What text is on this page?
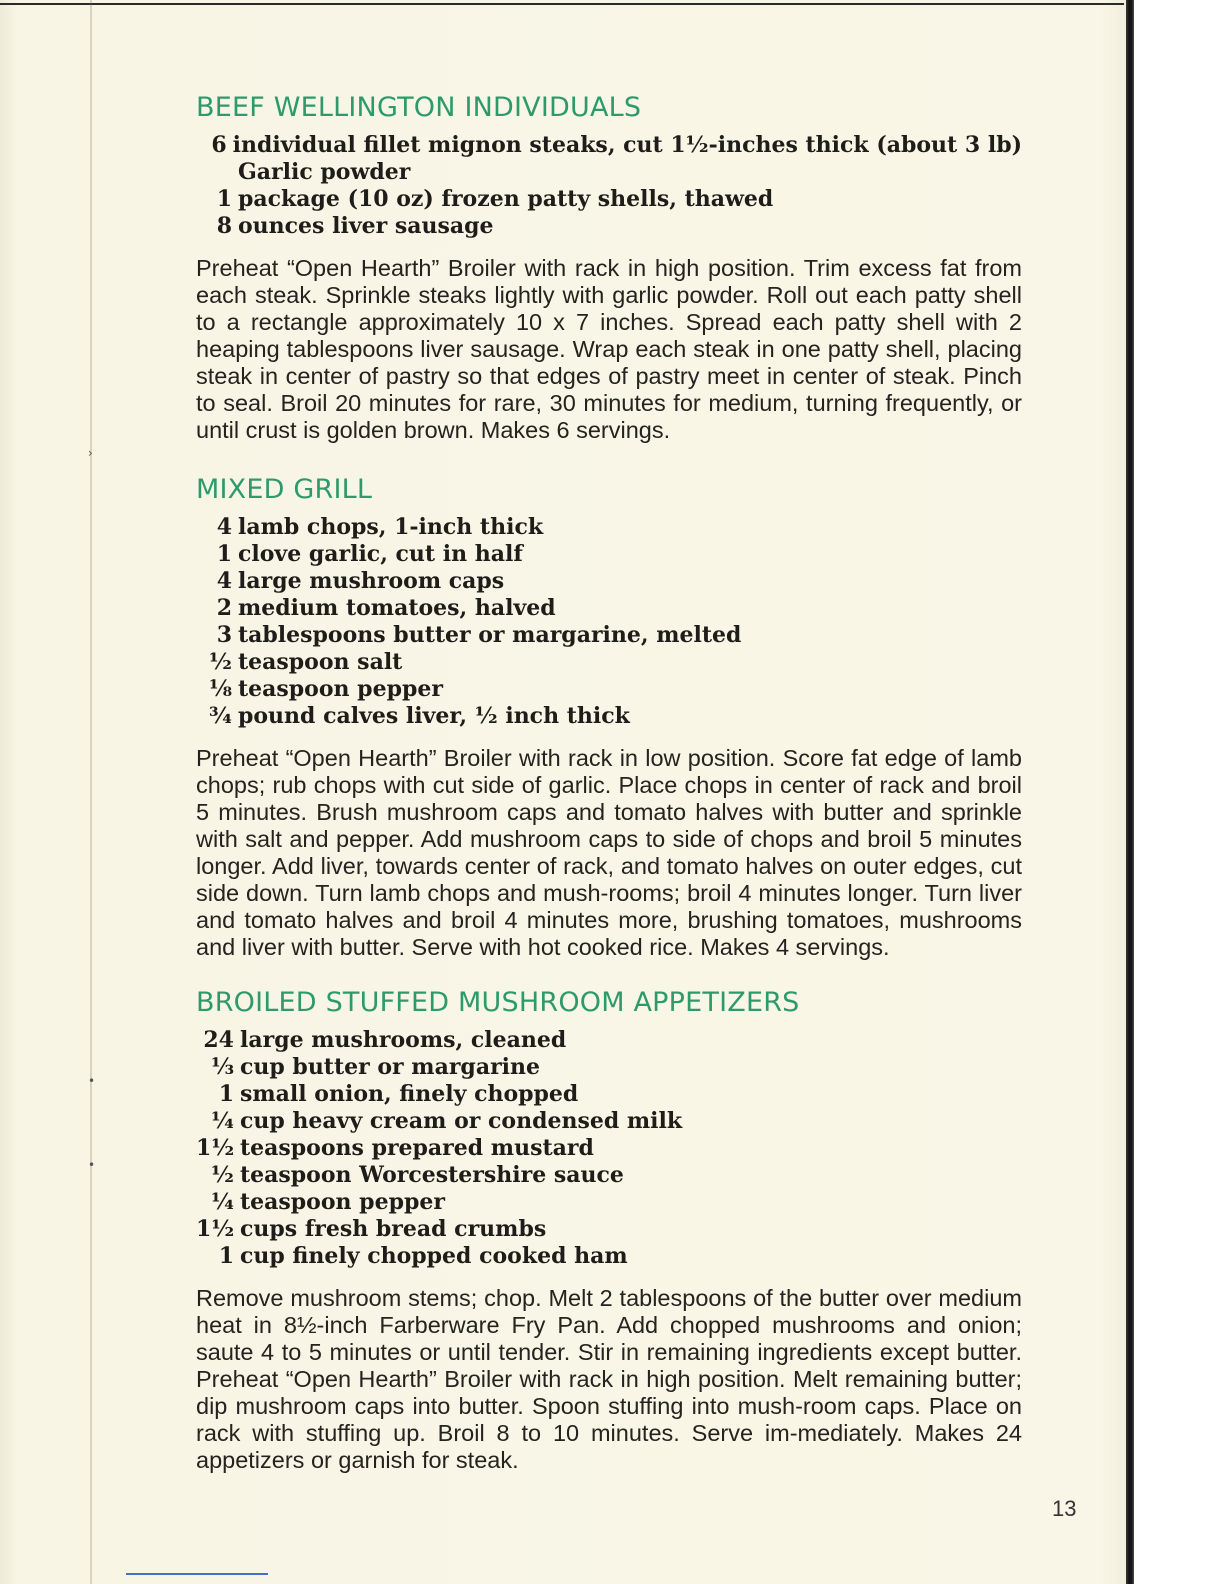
›
•
•
BEEF WELLINGTON INDIVIDUALS
6 individual fillet mignon steaks, cut 1½-inches thick (about 3 lb)
Garlic powder
1 package (10 oz) frozen patty shells, thawed
8 ounces liver sausage

Preheat “Open Hearth” Broiler with rack in high position. Trim excess fat from each steak. Sprinkle steaks lightly with garlic powder. Roll out each patty shell to a rectangle approximately 10 x 7 inches. Spread each patty shell with 2 heaping tablespoons liver sausage. Wrap each steak in one patty shell, placing steak in center of pastry so that edges of pastry meet in center of steak. Pinch to seal. Broil 20 minutes for rare, 30 minutes for medium, turning frequently, or until crust is golden brown. Makes 6 servings.

MIXED GRILL
4 lamb chops, 1-inch thick
1 clove garlic, cut in half
4 large mushroom caps
2 medium tomatoes, halved
3 tablespoons butter or margarine, melted
½ teaspoon salt
⅛ teaspoon pepper
¾ pound calves liver, ½ inch thick

Preheat “Open Hearth” Broiler with rack in low position. Score fat edge of lamb chops; rub chops with cut side of garlic. Place chops in center of rack and broil 5 minutes. Brush mushroom caps and tomato halves with butter and sprinkle with salt and pepper. Add mushroom caps to side of chops and broil 5 minutes longer. Add liver, towards center of rack, and tomato halves on outer edges, cut side down. Turn lamb chops and mush-rooms; broil 4 minutes longer. Turn liver and tomato halves and broil 4 minutes more, brushing tomatoes, mushrooms and liver with butter. Serve with hot cooked rice. Makes 4 servings.

BROILED STUFFED MUSHROOM APPETIZERS
24 large mushrooms, cleaned
⅓ cup butter or margarine
1 small onion, finely chopped
¼ cup heavy cream or condensed milk
1½ teaspoons prepared mustard
½ teaspoon Worcestershire sauce
¼ teaspoon pepper
1½ cups fresh bread crumbs
1 cup finely chopped cooked ham

Remove mushroom stems; chop. Melt 2 tablespoons of the butter over medium heat in 8½-inch Farberware Fry Pan. Add chopped mushrooms and onion; saute 4 to 5 minutes or until tender. Stir in remaining ingredients except butter. Preheat “Open Hearth” Broiler with rack in high position. Melt remaining butter; dip mushroom caps into butter. Spoon stuffing into mush-room caps. Place on rack with stuffing up. Broil 8 to 10 minutes. Serve im-mediately. Makes 24 appetizers or garnish for steak.

13
